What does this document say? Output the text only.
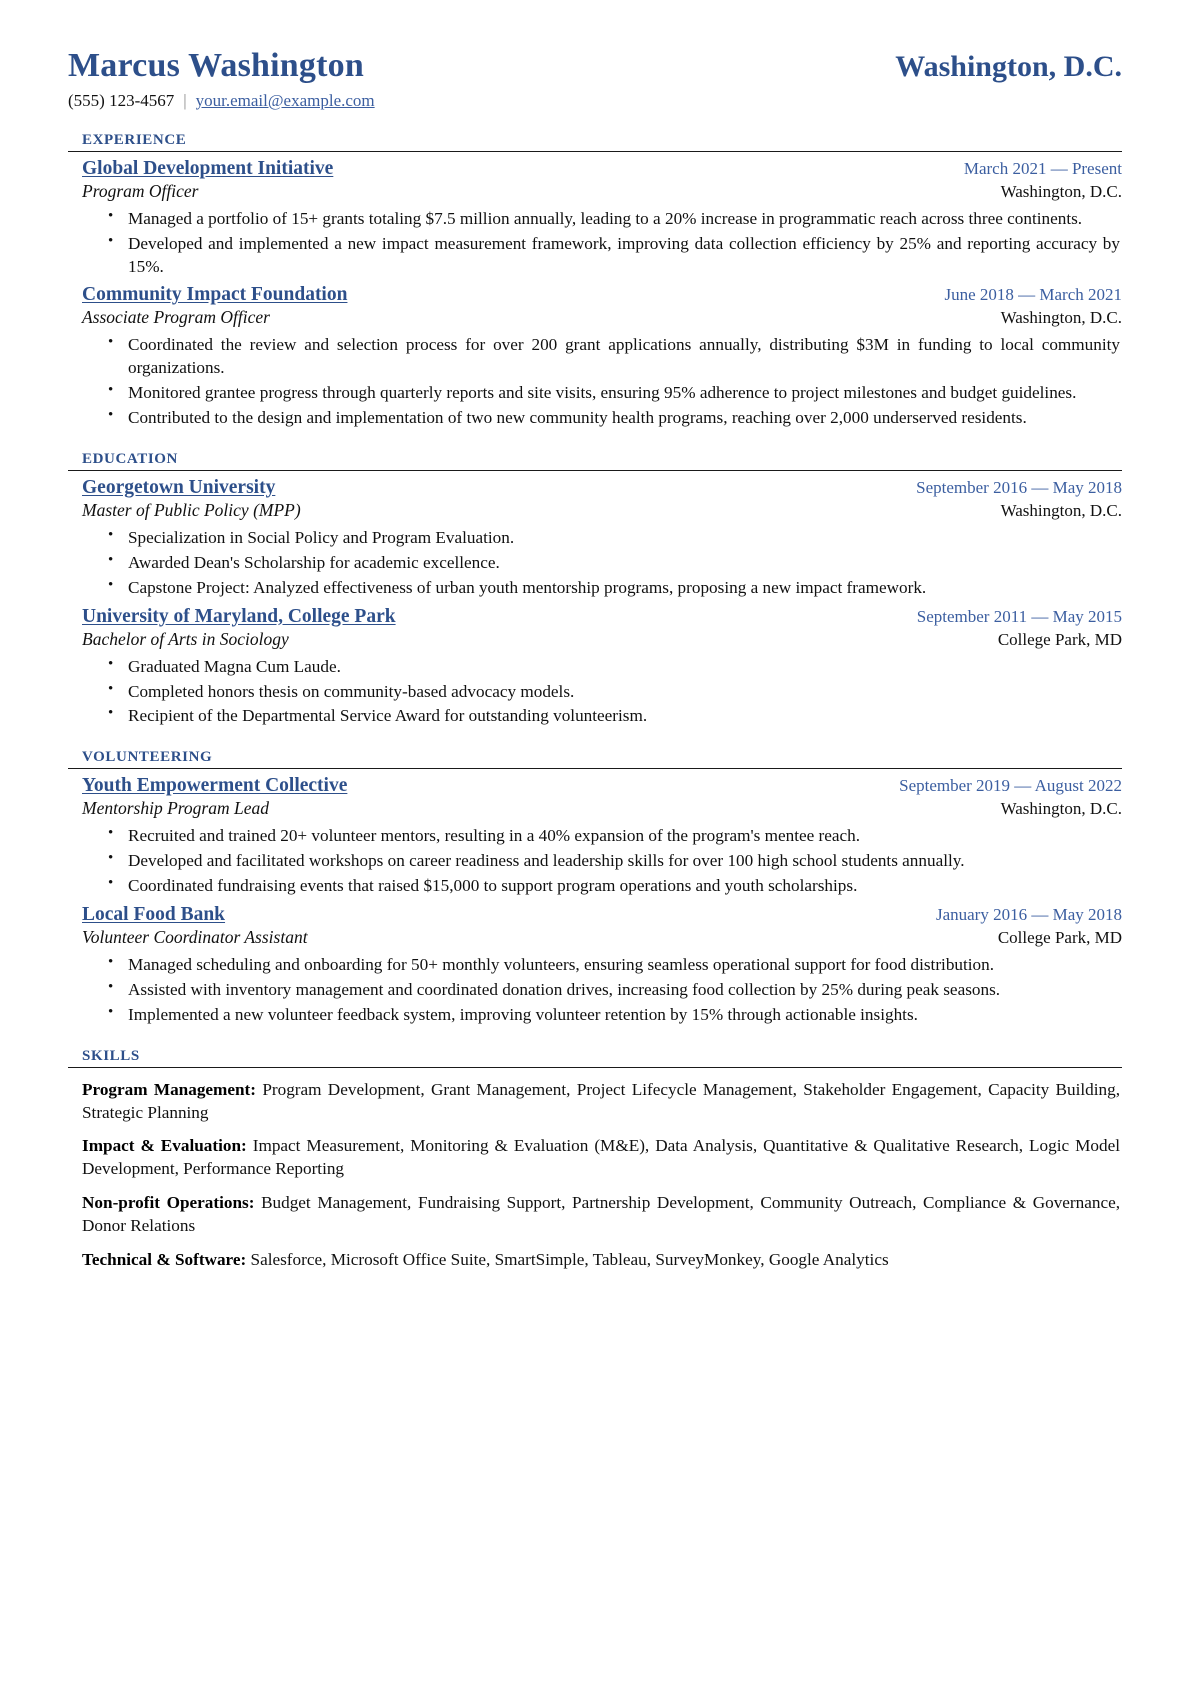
Marcus Washington	Washington, D.C.
(555) 123-4567 | your.email@example.com
experience
Global Development Initiative	March 2021 — Present
Program Officer	Washington, D.C.
• Managed a portfolio of 15+ grants totaling $7.5 million annually, leading to a 20% increase in programmatic reach across three continents.
• Developed and implemented a new impact measurement framework, improving data collection efficiency by 25% and reporting accuracy by 15%.
Community Impact Foundation	June 2018 — March 2021
Associate Program Officer	Washington, D.C.
• Coordinated the review and selection process for over 200 grant applications annually, distributing $3M in funding to local community organizations.
• Monitored grantee progress through quarterly reports and site visits, ensuring 95% adherence to project milestones and budget guidelines.
• Contributed to the design and implementation of two new community health programs, reaching over 2,000 underserved residents.
education
Georgetown University	September 2016 — May 2018
Master of Public Policy (MPP)	Washington, D.C.
• Specialization in Social Policy and Program Evaluation.
• Awarded Dean's Scholarship for academic excellence.
• Capstone Project: Analyzed effectiveness of urban youth mentorship programs, proposing a new impact framework.
University of Maryland, College Park	September 2011 — May 2015
Bachelor of Arts in Sociology	College Park, MD
• Graduated Magna Cum Laude.
• Completed honors thesis on community-based advocacy models.
• Recipient of the Departmental Service Award for outstanding volunteerism.
volunteering
Youth Empowerment Collective	September 2019 — August 2022
Mentorship Program Lead	Washington, D.C.
• Recruited and trained 20+ volunteer mentors, resulting in a 40% expansion of the program's mentee reach.
• Developed and facilitated workshops on career readiness and leadership skills for over 100 high school students annually.
• Coordinated fundraising events that raised $15,000 to support program operations and youth scholarships.
Local Food Bank	January 2016 — May 2018
Volunteer Coordinator Assistant	College Park, MD
• Managed scheduling and onboarding for 50+ monthly volunteers, ensuring seamless operational support for food distribution.
• Assisted with inventory management and coordinated donation drives, increasing food collection by 25% during peak seasons.
• Implemented a new volunteer feedback system, improving volunteer retention by 15% through actionable insights.
skills
Program Management: Program Development, Grant Management, Project Lifecycle Management, Stakeholder Engagement, Capacity Building, Strategic Planning
Impact & Evaluation: Impact Measurement, Monitoring & Evaluation (M&E), Data Analysis, Quantitative & Qualitative Research, Logic Model Development, Performance Reporting
Non-profit Operations: Budget Management, Fundraising Support, Partnership Development, Community Outreach, Compliance & Governance, Donor Relations
Technical & Software: Salesforce, Microsoft Office Suite, SmartSimple, Tableau, SurveyMonkey, Google Analytics
